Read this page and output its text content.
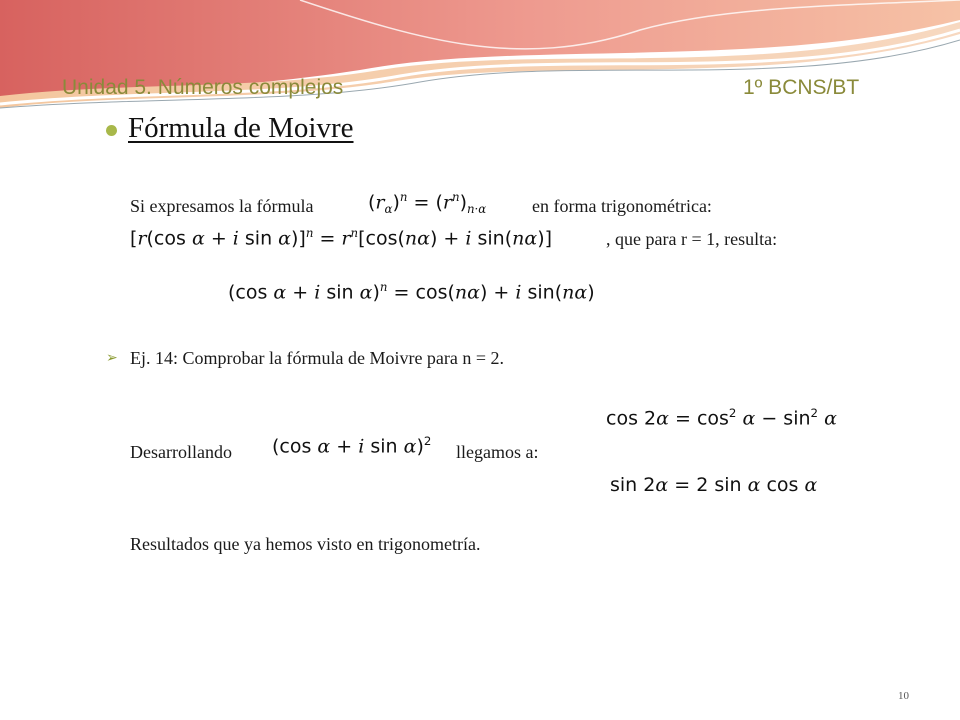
Unidad 5. Números complejos	1º BCNS/BT
Fórmula de Moivre
Si expresamos la fórmula	$(r_\alpha)^n = (r^n)_{n\cdot\alpha}$	en forma trigonométrica:
[r(cos α + i $\sin \alpha)]^n = r^n[\cos(n\alpha) + i$ sin(nα)]	, que para r = 1, resulta:
(cos α + i sin α)$^n$ = cos(nα) + i sin(nα)
➢ Ej. 14: Comprobar la fórmula de Moivre para n = 2.
$\cos 2\alpha = \cos^2 \alpha - \sin^2 \alpha$
Desarrollando (cos α + i sin α)$^2$
llegamos a:
sin 2α = 2 sin α cos α
Resultados que ya hemos visto en trigonometría.
10
